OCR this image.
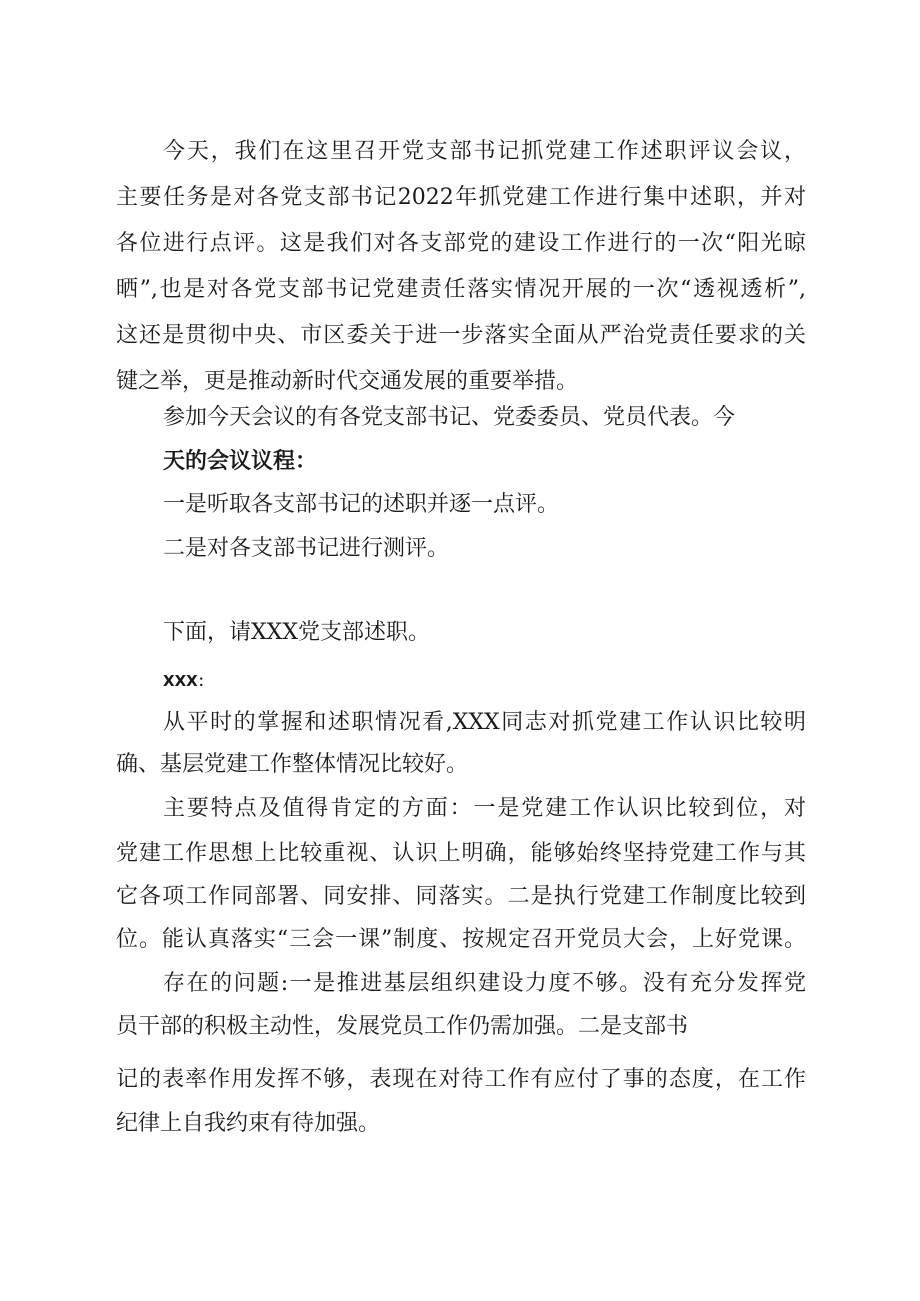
今天，我们在这里召开党支部书记抓党建工作述职评议会议，
主要任务是对各党支部书记2022年抓党建工作进行集中述职，并对
各位进行点评。这是我们对各支部党的建设工作进行的一次“阳光晾
晒”,也是对各党支部书记党建责任落实情况开展的一次“透视透析”,
这还是贯彻中央、市区委关于进一步落实全面从严治党责任要求的关
键之举，更是推动新时代交通发展的重要举措。
参加今天会议的有各党支部书记、党委委员、党员代表。今
天的会议议程：
一是听取各支部书记的述职并逐一点评。
二是对各支部书记进行测评。
下面，请XXX党支部述职。
XXX：
从平时的掌握和述职情况看,XXX同志对抓党建工作认识比较明
确、基层党建工作整体情况比较好。
主要特点及值得肯定的方面：一是党建工作认识比较到位，对
党建工作思想上比较重视、认识上明确，能够始终坚持党建工作与其
它各项工作同部署、同安排、同落实。二是执行党建工作制度比较到
位。能认真落实“三会一课”制度、按规定召开党员大会，上好党课。
存在的问题:一是推进基层组织建设力度不够。没有充分发挥党
员干部的积极主动性，发展党员工作仍需加强。二是支部书
记的表率作用发挥不够，表现在对待工作有应付了事的态度，在工作
纪律上自我约束有待加强。
